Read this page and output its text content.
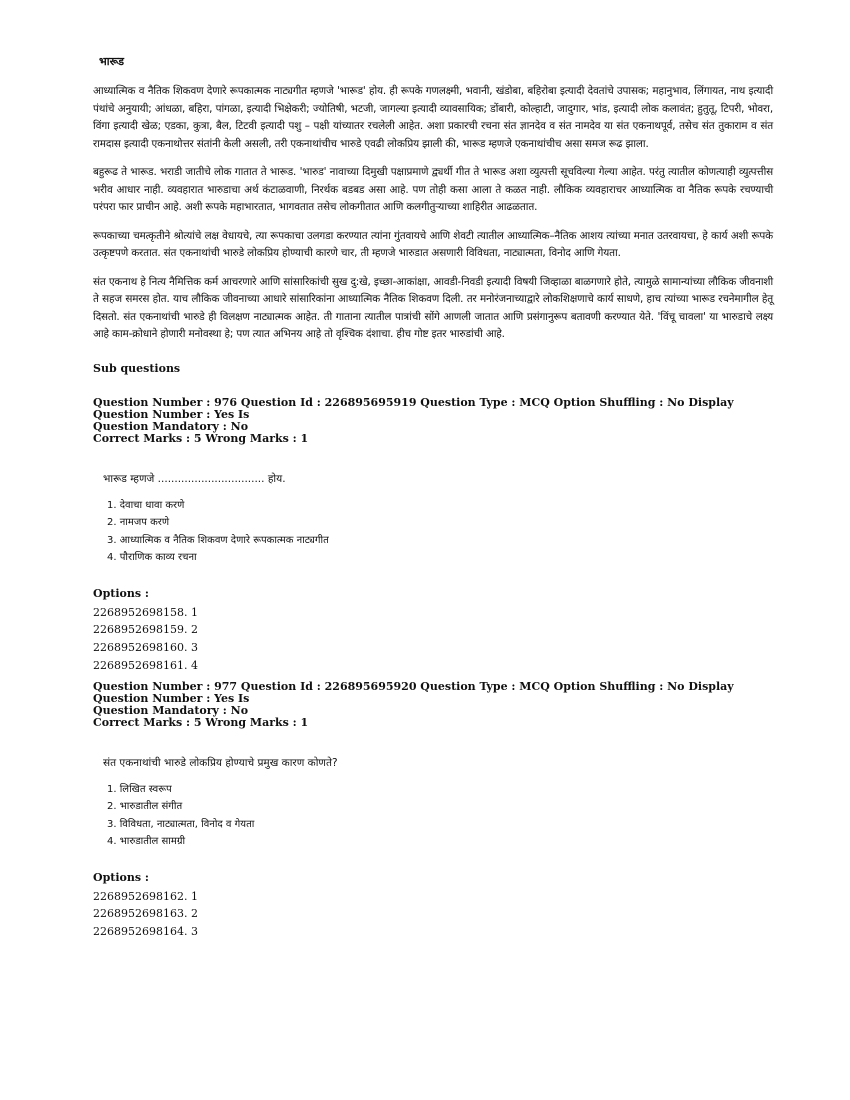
भारूड

आध्यात्मिक व नैतिक शिकवण देणारे रूपकात्मक नाट्यगीत म्हणजे 'भारूड' होय. ही रूपके गणलक्ष्मी, भवानी, खंडोबा, बहिरोबा इत्यादी देवतांचे उपासक; महानुभाव, लिंगायत, नाथ इत्यादी पंथांचे अनुयायी; आंधळा, बहिरा, पांगळा, इत्यादी भिक्षेकरी; ज्योतिषी, भटजी, जागल्या इत्यादी व्यावसायिक; डोंबारी, कोल्हाटी, जादुगार, भांड, इत्यादी लोक कलावंत; हुतुतू, टिपरी, भोवरा, विंगा इत्यादी खेळ; एडका, कुत्रा, बैल, टिटवी इत्यादी पशु – पक्षी यांच्यातर रचलेली आहेत. अशा प्रकारची रचना संत ज्ञानदेव व संत नामदेव या संत एकनाथपूर्व, तसेच संत तुकाराम व संत रामदास इत्यादी एकनाथोत्तर संतांनी केली असली, तरी एकनाथांचीच भारुडे एवढी लोकप्रिय झाली की, भारूड म्हणजे एकनाथांचीच असा समज रूढ झाला.

बहुरूढ ते भारूड. भराडी जातीचे लोक गातात ते भारूड. 'भारुड' नावाच्या दिमुखी पक्षाप्रमाणे द्व्यर्थी गीत ते भारूड अशा व्युत्पत्ती सूचविल्या गेल्या आहेत. परंतु त्यातील कोणत्याही व्युत्पत्तीस भरीव आधार नाही. व्यवहारात भारुडाचा अर्थ कंटाळवाणी, निरर्थक बडबड असा आहे. पण तोही कसा आला ते कळत नाही. लौकिक व्यवहाराचर आध्यात्मिक वा नैतिक रूपके रचण्याची परंपरा फार प्राचीन आहे. अशी रूपके महाभारतात, भागवतात तसेच लोकगीतात आणि कलगीतुऱ्याच्या शाहिरीत आढळतात.

रूपकाच्या चमत्कृतीने श्रोत्यांचे लक्ष वेधायचे, त्या रूपकाचा उलगडा करण्यात त्यांना गुंतवायचे आणि शेवटी त्यातील आध्यात्मिक–नैतिक आशय त्यांच्या मनात उतरवायचा, हे कार्य अशी रूपके उत्कृष्टपणे करतात. संत एकनाथांची भारुडे लोकप्रिय होण्याची कारणे चार, ती म्हणजे भारुडात असणारी विविधता, नाट्यात्मता, विनोद आणि गेयता.

संत एकनाथ हे नित्य नैमित्तिक कर्म आचरणारे आणि सांसारिकांची सुख दु:खे, इच्छा-आकांक्षा, आवडी-निवडी इत्यादी विषयी जिव्हाळा बाळगणारे होते, त्यामुळे सामान्यांच्या लौकिक जीवनाशी ते सहज समरस होत. याच लौकिक जीवनाच्या आधारे सांसारिकांना आध्यात्मिक नैतिक शिकवण दिली. तर मनोरंजनाच्याद्वारे लोकशिक्षणाचे कार्य साधणे, हाच त्यांच्या भारूड रचनेमागील हेतू दिसतो. संत एकनाथांची भारुडे ही विलक्षण नाट्यात्मक आहेत. ती गाताना त्यातील पात्रांची सोंगे आणली जातात आणि प्रसंगानुरूप बतावणी करण्यात येते. 'विंचू चावला' या भारुडाचे लक्ष्य आहे काम-क्रोधाने होणारी मनोवस्था हे; पण त्यात अभिनय आहे तो वृश्चिक दंशाचा. हीच गोष्ट इतर भारुडांची आहे.

Sub questions
Question Number : 976 Question Id : 226895695919 Question Type : MCQ Option Shuffling : No Display Question Number : Yes Is
Question Mandatory : No
Correct Marks : 5 Wrong Marks : 1
भारूड म्हणजे ................................ होय.
1. देवाचा धावा करणे
2. नामजप करणे
3. आध्यात्मिक व नैतिक शिकवण देणारे रूपकात्मक नाट्यगीत
4. पौराणिक काव्य रचना
Options :
2268952698158. 1
2268952698159. 2
2268952698160. 3
2268952698161. 4
Question Number : 977 Question Id : 226895695920 Question Type : MCQ Option Shuffling : No Display Question Number : Yes Is
Question Mandatory : No
Correct Marks : 5 Wrong Marks : 1
संत एकनाथांची भारुडे लोकप्रिय होण्याचे प्रमुख कारण कोणते?
1. लिखित स्वरूप
2. भारुडातील संगीत
3. विविधता, नाट्यात्मता, विनोद व गेयता
4. भारुडातील सामग्री
Options :
2268952698162. 1
2268952698163. 2
2268952698164. 3
